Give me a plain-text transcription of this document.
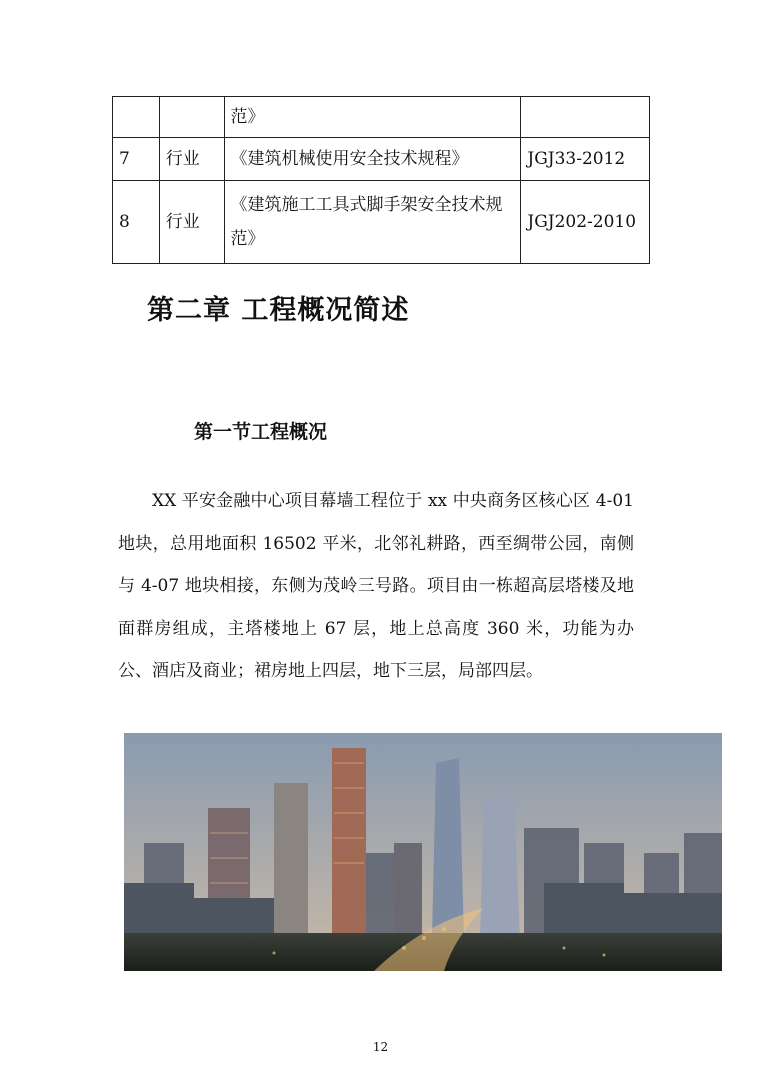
		范》	
7	行业	《建筑机械使用安全技术规程》	JGJ33-2012
8	行业	《建筑施工工具式脚手架安全技术规范》	JGJ202-2010
第二章 工程概况简述
第一节工程概况

XX 平安金融中心项目幕墙工程位于 xx 中央商务区核心区 4-01 地块，总用地面积 16502 平米，北邻礼耕路，西至绸带公园，南侧与 4-07 地块相接，东侧为茂岭三号路。项目由一栋超高层塔楼及地面群房组成，主塔楼地上 67 层，地上总高度 360 米，功能为办公、酒店及商业；裙房地上四层，地下三层，局部四层。

12
